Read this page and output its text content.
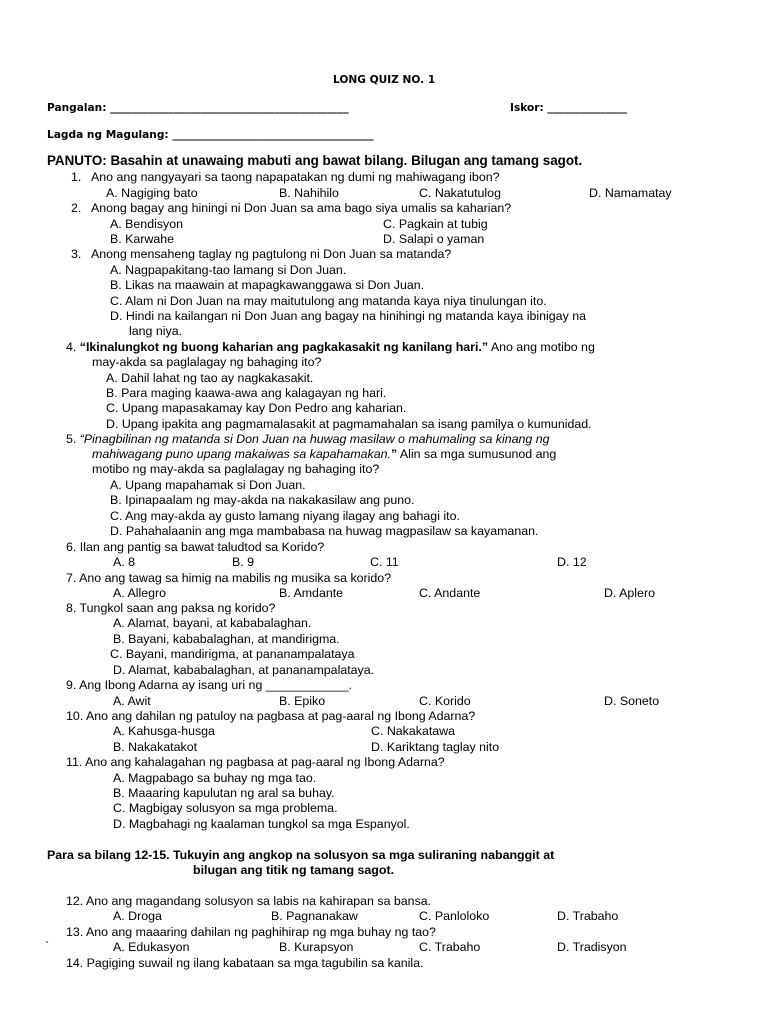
LONG QUIZ NO. 1
Pangalan: _____________________________________________	Iskor: _______________
Lagda ng Magulang: ______________________________________
PANUTO: Basahin at unawaing mabuti ang bawat bilang. Bilugan ang tamang sagot.
1.   Ano ang nangyayari sa taong napapatakan ng dumi ng mahiwagang ibon?
A. Nagiging bato	B. Nahihilo	C. Nakatutulog	D. Namamatay
2.   Anong bagay ang hiningi ni Don Juan sa ama bago siya umalis sa kaharian?
A. Bendisyon	C. Pagkain at tubig
B. Karwahe	D. Salapi o yaman
3.   Anong mensaheng taglay ng pagtulong ni Don Juan sa matanda?
A. Nagpapakitang-tao lamang si Don Juan.
B. Likas na maawain at mapagkawanggawa si Don Juan.
C. Alam ni Don Juan na may maitutulong ang matanda kaya niya tinulungan ito.
D. Hindi na kailangan ni Don Juan ang bagay na hinihingi ng matanda kaya ibinigay na
lang niya.
4. “Ikinalungkot ng buong kaharian ang pagkakasakit ng kanilang hari.” Ano ang motibo ng
may-akda sa paglalagay ng bahaging ito?
A. Dahil lahat ng tao ay nagkakasakit.
B. Para maging kaawa-awa ang kalagayan ng hari.
C. Upang mapasakamay kay Don Pedro ang kaharian.
D. Upang ipakita ang pagmamalasakit at pagmamahalan sa isang pamilya o kumunidad.
5. “Pinagbilinan ng matanda si Don Juan na huwag masilaw o mahumaling sa kinang ng
mahiwagang puno upang makaiwas sa kapahamakan.” Alin sa mga sumusunod ang
motibo ng may-akda sa paglalagay ng bahaging ito?
A. Upang mapahamak si Don Juan.
B. Ipinapaalam ng may-akda na nakakasilaw ang puno.
C. Ang may-akda ay gusto lamang niyang ilagay ang bahagi ito.
D. Pahahalaanin ang mga mambabasa na huwag magpasilaw sa kayamanan.
6. Ilan ang pantig sa bawat taludtod sa Korido?
A. 8	B. 9	C. 11	D. 12
7. Ano ang tawag sa himig na mabilis ng musika sa korido?
A. Allegro	B. Amdante	C. Andante	D. Aplero
8. Tungkol saan ang paksa ng korido?
A. Alamat, bayani, at kababalaghan.
B. Bayani, kababalaghan, at mandirigma.
C. Bayani, mandirigma, at pananampalataya
D. Alamat, kababalaghan, at pananampalataya.
9. Ang Ibong Adarna ay isang uri ng ____________.
A. Awit	B. Epiko	C. Korido	D. Soneto
10. Ano ang dahilan ng patuloy na pagbasa at pag-aaral ng Ibong Adarna?
A. Kahusga-husga	C. Nakakatawa
B. Nakakatakot	D. Kariktang taglay nito
11. Ano ang kahalagahan ng pagbasa at pag-aaral ng Ibong Adarna?
A. Magpabago sa buhay ng mga tao.
B. Maaaring kapulutan ng aral sa buhay.
C. Magbigay solusyon sa mga problema.
D. Magbahagi ng kaalaman tungkol sa mga Espanyol.
Para sa bilang 12-15. Tukuyin ang angkop na solusyon sa mga suliraning nabanggit at
bilugan ang titik ng tamang sagot.
12. Ano ang magandang solusyon sa labis na kahirapan sa bansa.
A. Droga	B. Pagnanakaw	C. Panloloko	D. Trabaho
13. Ano ang maaaring dahilan ng paghihirap ng mga buhay ng tao?
`	A. Edukasyon	B. Kurapsyon	C. Trabaho	D. Tradisyon
14. Pagiging suwail ng ilang kabataan sa mga tagubilin sa kanila.
